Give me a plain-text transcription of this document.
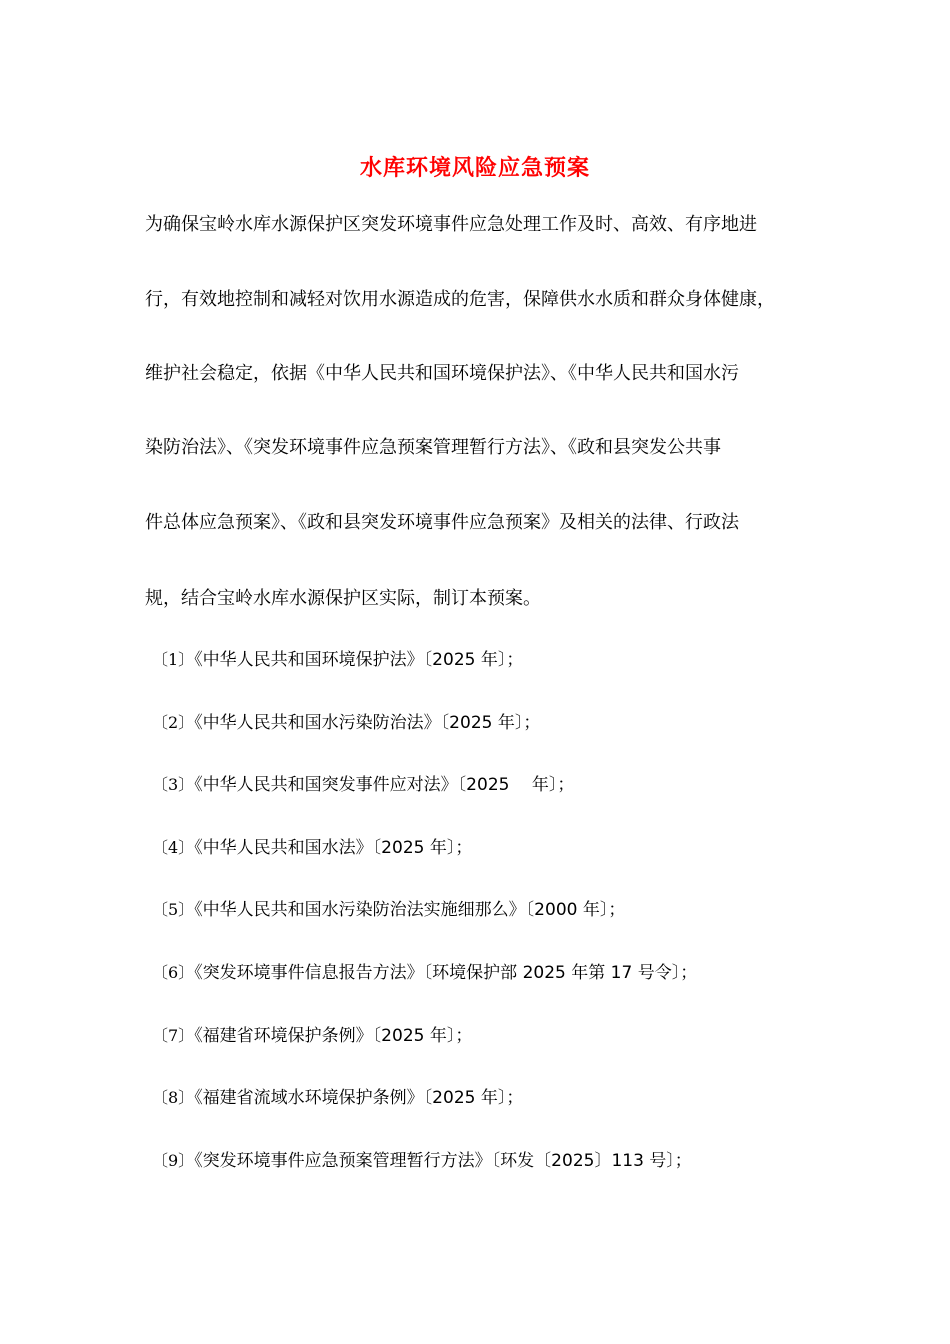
水库环境风险应急预案
为确保宝岭水库水源保护区突发环境事件应急处理工作及时、高效、有序地进
行，有效地控制和减轻对饮用水源造成的危害，保障供水水质和群众身体健康，
维护社会稳定，依据《中华人民共和国环境保护法》、《中华人民共和国水污
染防治法》、《突发环境事件应急预案管理暂行方法》、《政和县突发公共事
件总体应急预案》、《政和县突发环境事件应急预案》及相关的法律、行政法
规，结合宝岭水库水源保护区实际，制订本预案。
〔1〕《中华人民共和国环境保护法》〔2025 年〕；
〔2〕《中华人民共和国水污染防治法》〔2025 年〕；
〔3〕《中华人民共和国突发事件应对法》〔2025　 年〕；
〔4〕《中华人民共和国水法》〔2025 年〕；
〔5〕《中华人民共和国水污染防治法实施细那么》〔2000 年〕；
〔6〕《突发环境事件信息报告方法》〔环境保护部 2025 年第 17 号令〕；
〔7〕《福建省环境保护条例》〔2025 年〕；
〔8〕《福建省流域水环境保护条例》〔2025 年〕；
〔9〕《突发环境事件应急预案管理暂行方法》〔环发〔2025〕113 号〕；
